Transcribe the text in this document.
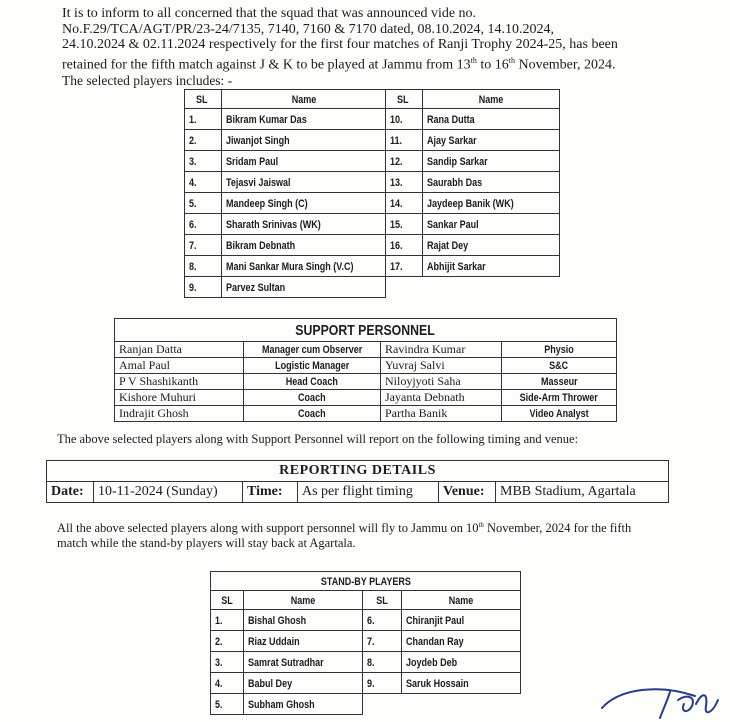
It is to inform to all concerned that the squad that was announced vide no.
No.F.29/TCA/AGT/PR/23-24/7135, 7140, 7160 & 7170 dated, 08.10.2024, 14.10.2024,
24.10.2024 & 02.11.2024 respectively for the first four matches of Ranji Trophy 2024-25, has been
retained for the fifth match against J & K to be played at Jammu from 13th to 16th November, 2024.
The selected players includes: -
SL	Name	SL	Name
1.	Bikram Kumar Das	10.	Rana Dutta
2.	Jiwanjot Singh	11.	Ajay Sarkar
3.	Sridam Paul	12.	Sandip Sarkar
4.	Tejasvi Jaiswal	13.	Saurabh Das
5.	Mandeep Singh (C)	14.	Jaydeep Banik (WK)
6.	Sharath Srinivas (WK)	15.	Sankar Paul
7.	Bikram Debnath	16.	Rajat Dey
8.	Mani Sankar Mura Singh (V.C)	17.	Abhijit Sarkar
9.	Parvez Sultan		
SUPPORT PERSONNEL			
Ranjan Datta	Manager cum Observer	Ravindra Kumar	Physio
Amal Paul	Logistic Manager	Yuvraj Salvi	S&C
P V Shashikanth	Head Coach	Niloyjyoti Saha	Masseur
Kishore Muhuri	Coach	Jayanta Debnath	Side-Arm Thrower
Indrajit Ghosh	Coach	Partha Banik	Video Analyst
The above selected players along with Support Personnel will report on the following timing and venue:
REPORTING DETAILS
Date:	10-11-2024 (Sunday)	Time:	As per flight timing	Venue:	MBB Stadium, Agartala
All the above selected players along with support personnel will fly to Jammu on 10th November, 2024 for the fifth
match while the stand-by players will stay back at Agartala.
STAND-BY PLAYERS			
SL	Name	SL	Name
1.	Bishal Ghosh	6.	Chiranjit Paul
2.	Riaz Uddain	7.	Chandan Ray
3.	Samrat Sutradhar	8.	Joydeb Deb
4.	Babul Dey	9.	Saruk Hossain
5.	Subham Ghosh		
